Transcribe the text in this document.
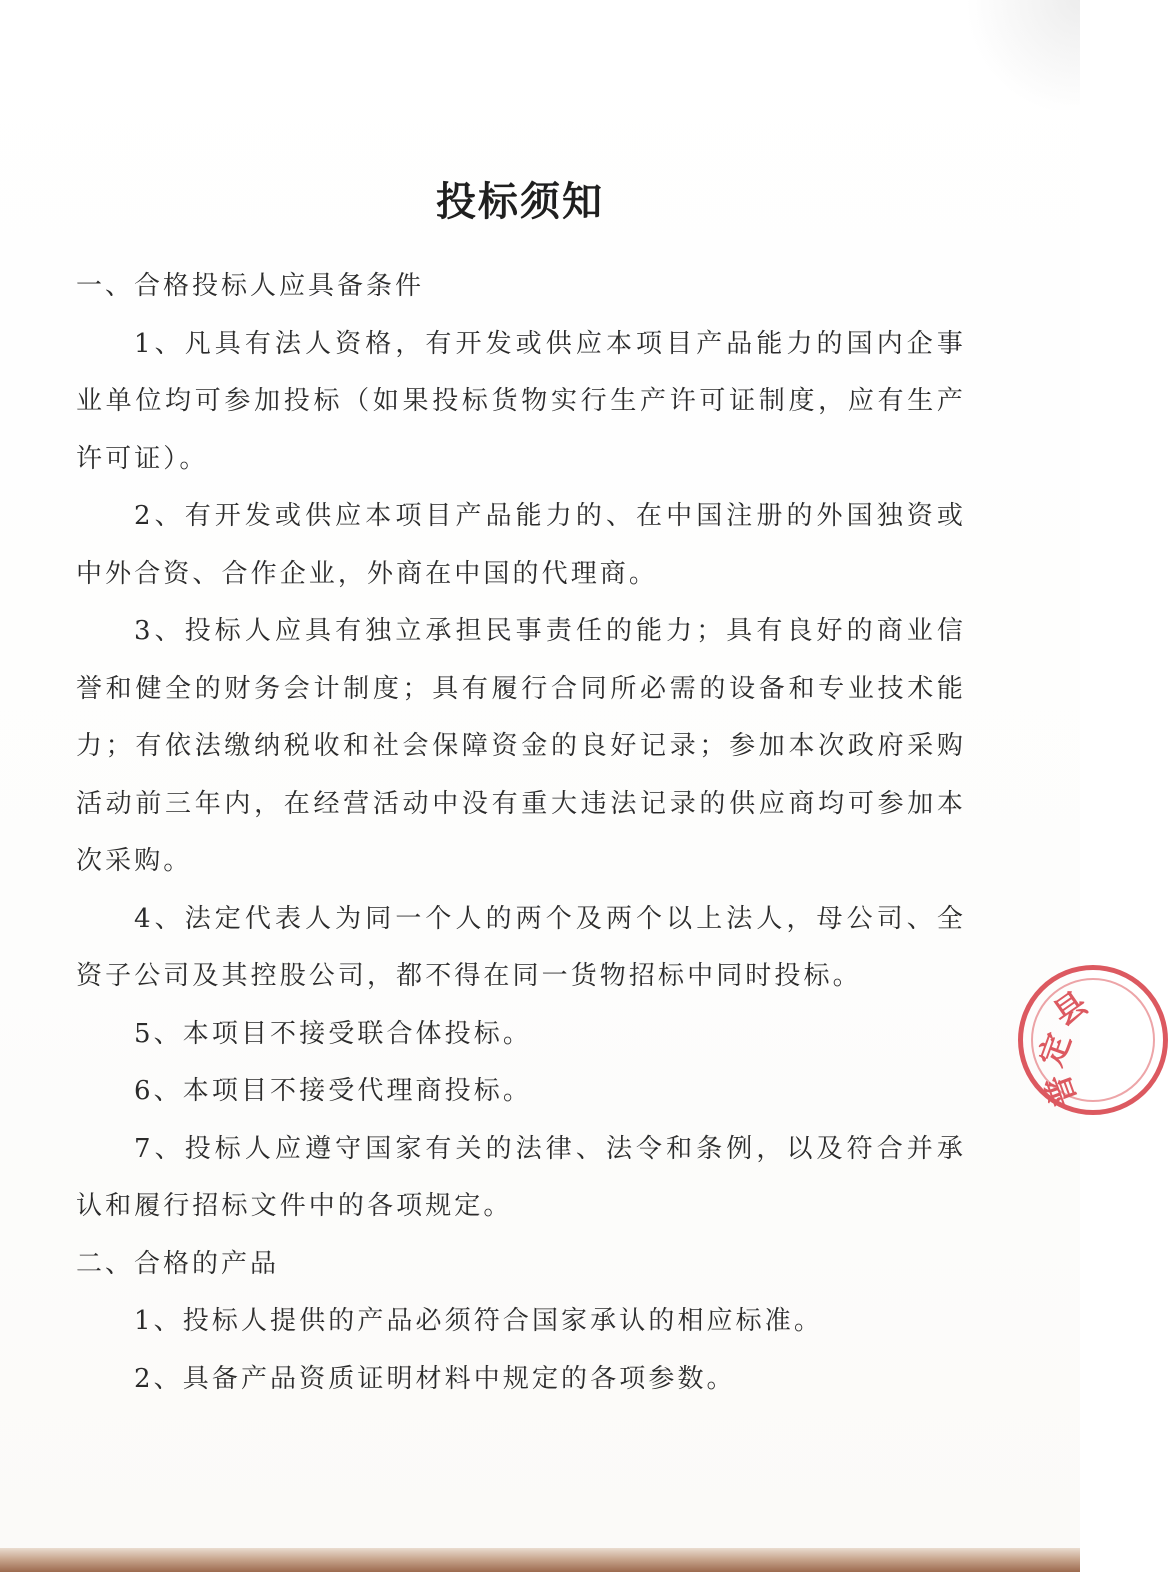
投标须知

一、合格投标人应具备条件

1、凡具有法人资格，有开发或供应本项目产品能力的国内企事业单位均可参加投标（如果投标货物实行生产许可证制度，应有生产许可证）。

2、有开发或供应本项目产品能力的、在中国注册的外国独资或中外合资、合作企业，外商在中国的代理商。

3、投标人应具有独立承担民事责任的能力；具有良好的商业信誉和健全的财务会计制度；具有履行合同所必需的设备和专业技术能力；有依法缴纳税收和社会保障资金的良好记录；参加本次政府采购活动前三年内，在经营活动中没有重大违法记录的供应商均可参加本次采购。

4、法定代表人为同一个人的两个及两个以上法人，母公司、全资子公司及其控股公司，都不得在同一货物招标中同时投标。

5、本项目不接受联合体投标。

6、本项目不接受代理商投标。

7、投标人应遵守国家有关的法律、法令和条例，以及符合并承认和履行招标文件中的各项规定。

二、合格的产品

1、投标人提供的产品必须符合国家承认的相应标准。

2、具备产品资质证明材料中规定的各项参数。

县
定
普
